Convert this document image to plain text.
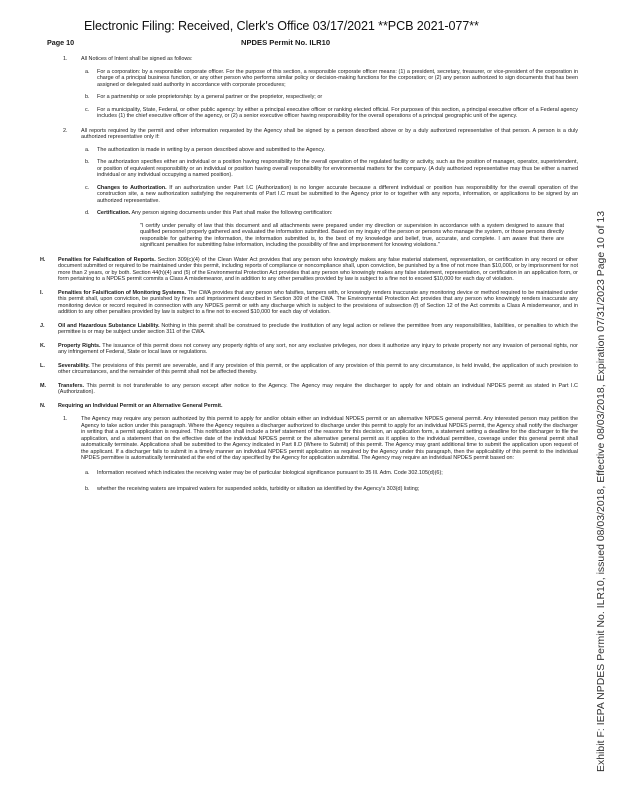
Electronic Filing: Received, Clerk's Office 03/17/2021 **PCB 2021-077**
Page 10	NPDES Permit No. ILR10
1. All Notices of Intent shall be signed as follows:
a. For a corporation: by a responsible corporate officer. For the purpose of this section, a responsible corporate officer means: (1) a president, secretary, treasurer, or vice-president of the corporation in charge of a principal business function, or any other person who performs similar policy or decision-making functions for the corporation; or (2) any person authorized to sign documents that has been assigned or delegated said authority in accordance with corporate procedures;
b. For a partnership or sole proprietorship: by a general partner or the proprietor, respectively; or
c. For a municipality, State, Federal, or other public agency: by either a principal executive officer or ranking elected official. For purposes of this section, a principal executive officer of a Federal agency includes (1) the chief executive officer of the agency, or (2) a senior executive officer having responsibility for the overall operations of a principal geographic unit of the agency.
2. All reports required by the permit and other information requested by the Agency shall be signed by a person described above or by a duly authorized representative of that person. A person is a duly authorized representative only if:
a. The authorization is made in writing by a person described above and submitted to the Agency.
b. The authorization specifies either an individual or a position having responsibility for the overall operation of the regulated facility or activity, such as the position of manager, operator, superintendent, or position of equivalent responsibility or an individual or position having overall responsibility for environmental matters for the company. (A duly authorized representative may thus be either a named individual or any individual occupying a named position).
c. Changes to Authorization. If an authorization under Part I.C (Authorization) is no longer accurate because a different individual or position has responsibility for the overall operation of the construction site, a new authorization satisfying the requirements of Part I.C must be submitted to the Agency prior to or together with any reports, information, or applications to be signed by an authorized representative.
d. Certification. Any person signing documents under this Part shall make the following certification:
"I certify under penalty of law that this document and all attachments were prepared under my direction or supervision in accordance with a system designed to assure that qualified personnel properly gathered and evaluated the information submitted. Based on my inquiry of the person or persons who manage the system, or those persons directly responsible for gathering the information, the information submitted is, to the best of my knowledge and belief, true, accurate, and complete. I am aware that there are significant penalties for submitting false information, including the possibility of fine and imprisonment for knowing violations."
H. Penalties for Falsification of Reports. Section 309(c)(4) of the Clean Water Act provides that any person who knowingly makes any false material statement, representation, or certification in any record or other document submitted or required to be maintained under this permit, including reports of compliance or noncompliance shall, upon conviction, be punished by a fine of not more than $10,000, or by imprisonment for not more than 2 years, or by both. Section 44(h)(4) and (5) of the Environmental Protection Act provides that any person who knowingly makes any false statement, representation, or certification in an application form, or form pertaining to a NPDES permit commits a Class A misdemeanor, and in addition to any other penalties provided by law is subject to a fine not to exceed $10,000 for each day of violation.
I.	Penalties for Falsification of Monitoring Systems. The CWA provides that any person who falsifies, tampers with, or knowingly renders inaccurate any monitoring device or method required to be maintained under this permit shall, upon conviction, be punished by fines and imprisonment described in Section 309 of the CWA. The Environmental Protection Act provides that any person who knowingly renders inaccurate any monitoring device or record required in connection with any NPDES permit or with any discharge which is subject to the provisions of subsection (f) of Section 12 of the Act commits a Class A misdemeanor, and in addition to any other penalties provided by law is subject to a fine not to exceed $10,000 for each day of violation.
J. Oil and Hazardous Substance Liability. Nothing in this permit shall be construed to preclude the institution of any legal action or relieve the permittee from any responsibilities, liabilities, or penalties to which the permittee is or may be subject under section 311 of the CWA.
K. Property Rights. The issuance of this permit does not convey any property rights of any sort, nor any exclusive privileges, nor does it authorize any injury to private property nor any invasion of personal rights, nor any infringement of Federal, State or local laws or regulations.
L. Severability. The provisions of this permit are severable, and if any provision of this permit, or the application of any provision of this permit to any circumstance, is held invalid, the application of such provision to other circumstances, and the remainder of this permit shall not be affected thereby.
M. Transfers. This permit is not transferable to any person except after notice to the Agency. The Agency may require the discharger to apply for and obtain an individual NPDES permit as stated in Part I.C (Authorization).
N. Requiring an Individual Permit or an Alternative General Permit.
1. The Agency may require any person authorized by this permit to apply for and/or obtain either an individual NPDES permit or an alternative NPDES general permit. Any interested person may petition the Agency to take action under this paragraph. Where the Agency requires a discharger authorized to discharge under this permit to apply for an individual NPDES permit, the Agency shall notify the discharger in writing that a permit application is required. This notification shall include a brief statement of the reasons for this decision, an application form, a statement setting a deadline for the discharger to file the application, and a statement that on the effective date of the individual NPDES permit or the alternative general permit as it applies to the individual permittee, coverage under this general permit shall automatically terminate. Applications shall be submitted to the Agency indicated in Part II.D (Where to Submit) of this permit. The Agency may grant additional time to submit the application upon request of the applicant. If a discharger fails to submit in a timely manner an individual NPDES permit application as required by the Agency under this paragraph, then the applicability of this permit to the individual NPDES permittee is automatically terminated at the end of the day specified by the Agency for application submittal. The Agency may require an individual NPDES permit based on:
a. Information received which indicates the receiving water may be of particular biological significance pursuant to 35 Ill. Adm. Code 302.105(d)(6);
b. whether the receiving waters are impaired waters for suspended solids, turbidity or siltation as identified by the Agency's 303(d) listing;	Exhibit F: IEPA NPDES Permit No. ILR10, issued 08/03/2018, Effective 08/03/2018, Expiration 07/31/2023 Page 10 of 13
